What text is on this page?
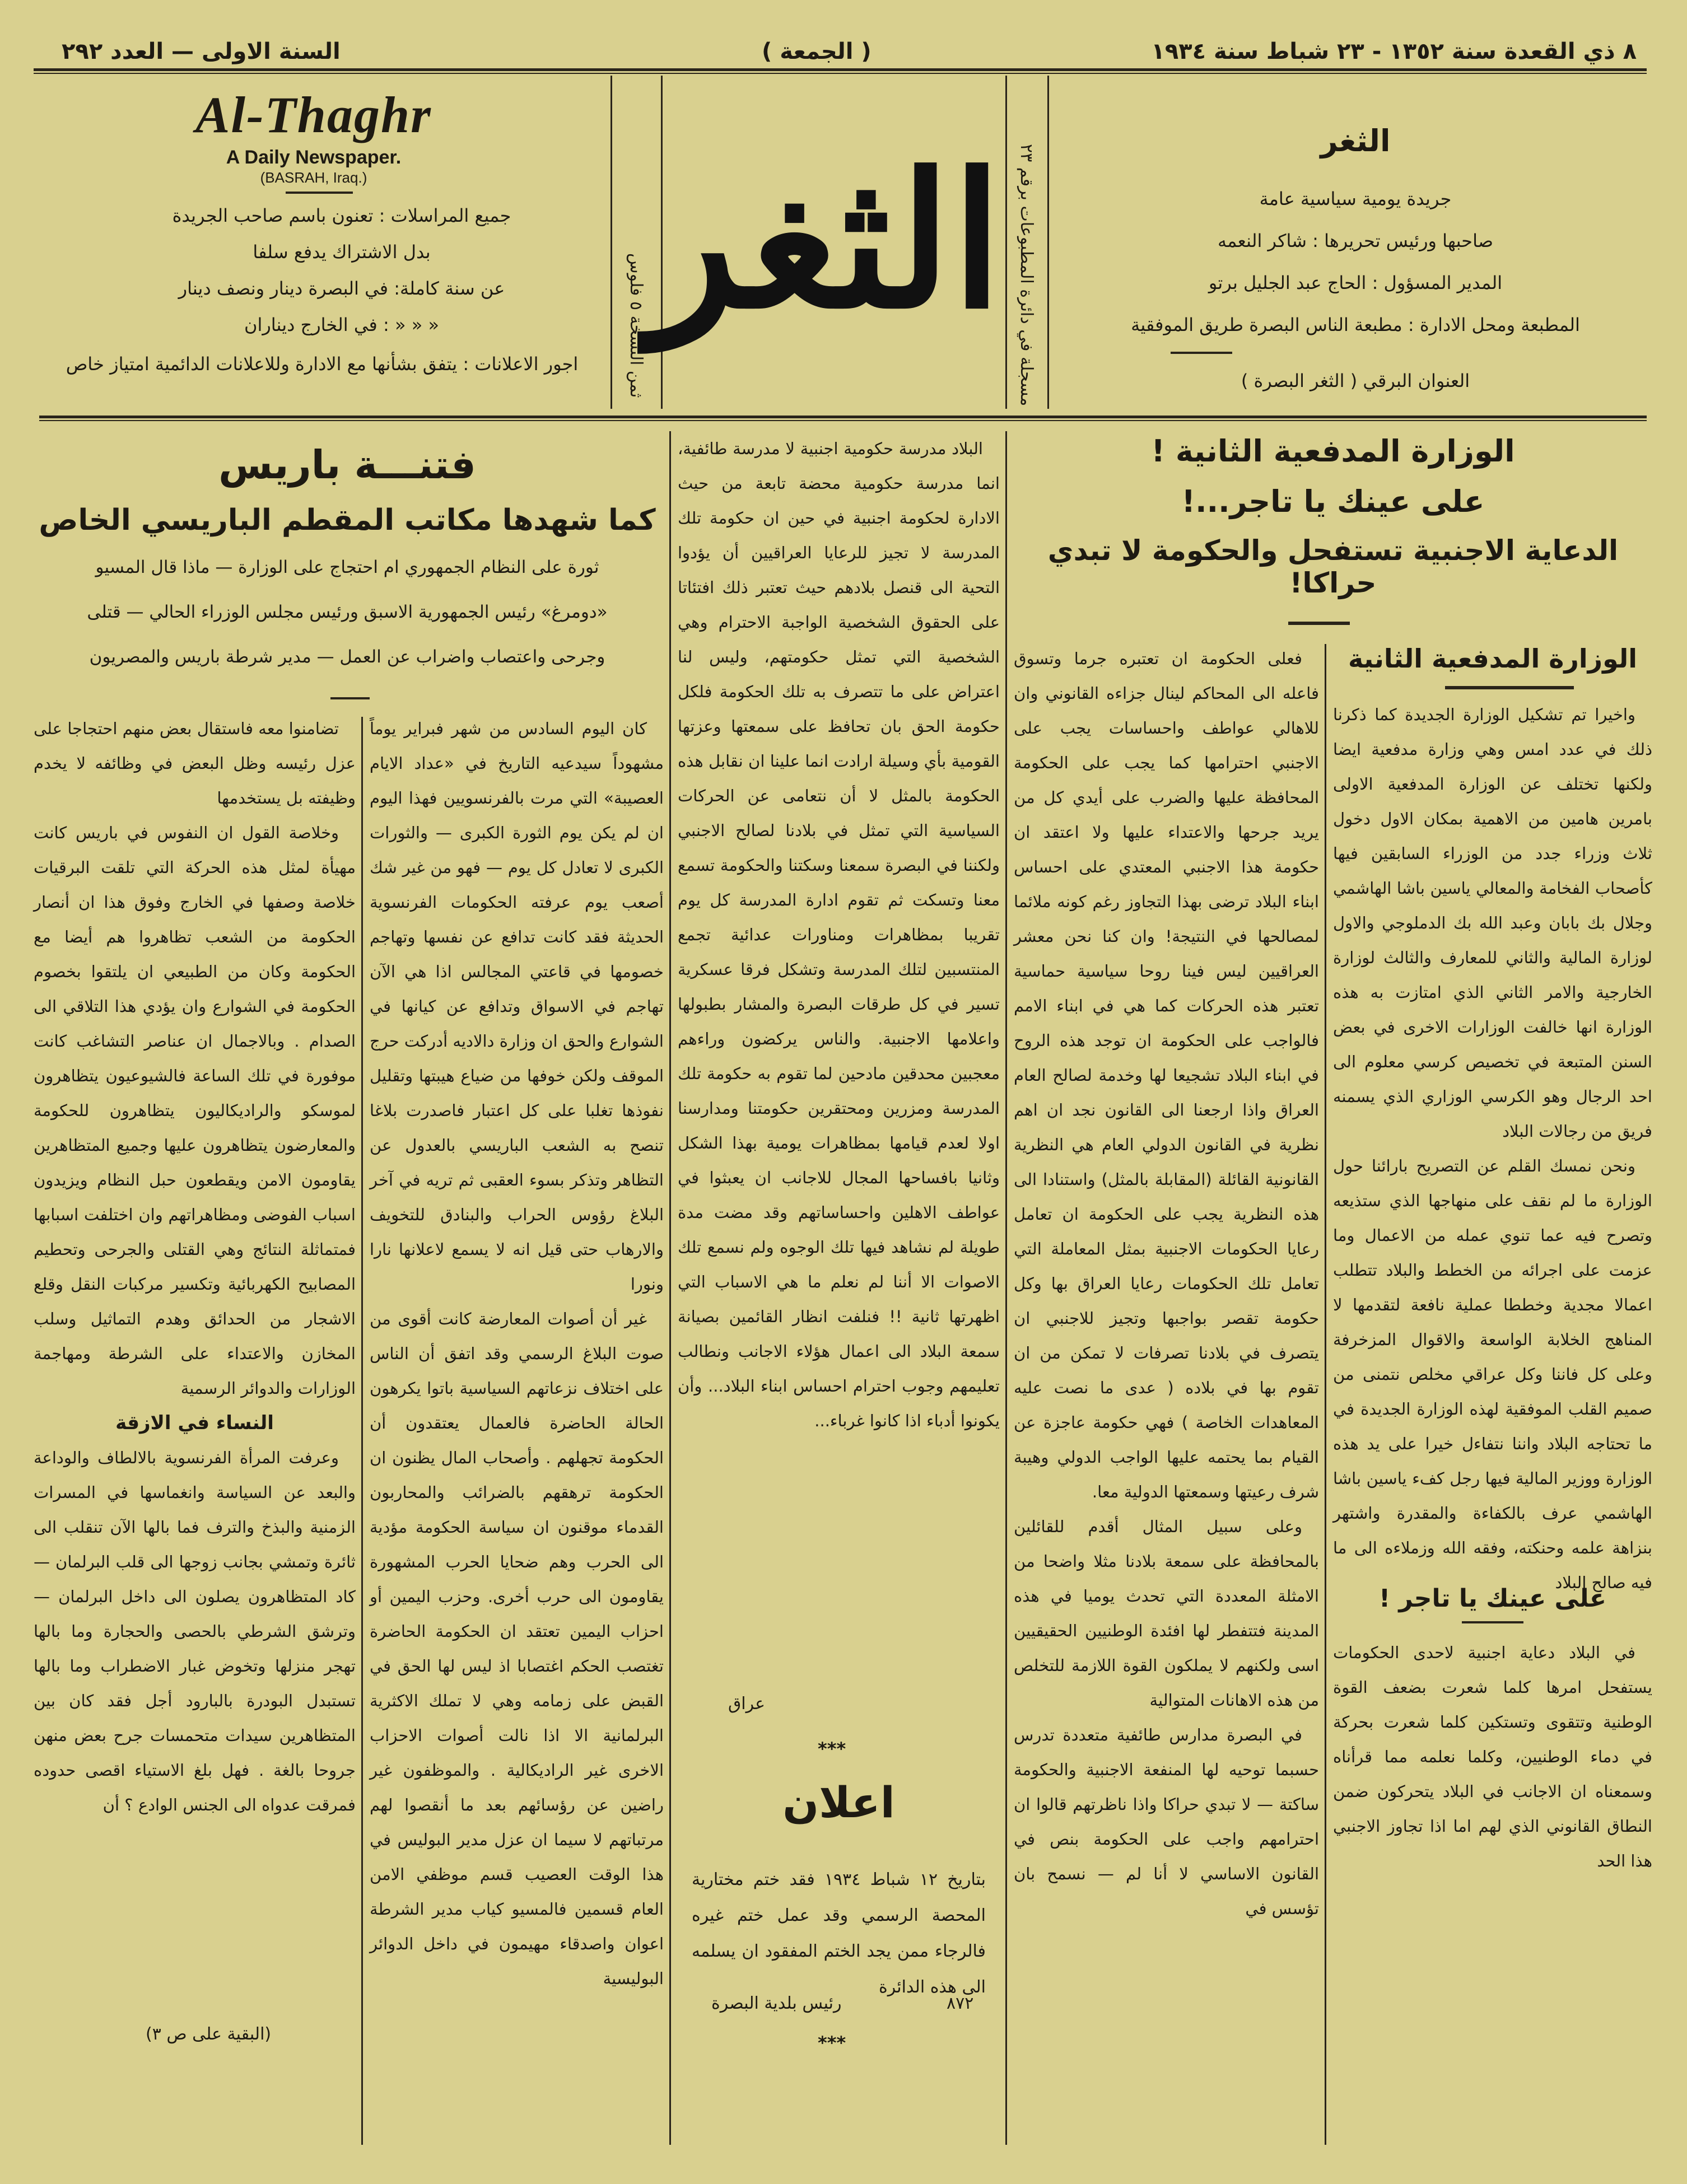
٨ ذي القعدة سنة ١٣٥٢ - ٢٣ شباط سنة ١٩٣٤
( الجمعة )
السنة الاولى — العدد ٢٩٢
Al-Thaghr
A Daily Newspaper.
(BASRAH, Iraq.)
جميع المراسلات : تعنون باسم صاحب الجريدة
بدل الاشتراك يدفع سلفا
عن سنة كاملة: في البصرة دينار ونصف دينار
« « « : في الخارج ديناران
اجور الاعلانات : يتفق بشأنها مع الادارة وللاعلانات الدائمية امتياز خاص
ثمن النسخة ٥ فلوس
الثغر مسجلة في دائرة المطبوعات برقم ٢٣
الثغر
جريدة يومية سياسية عامة
صاحبها ورئيس تحريرها : شاكر النعمه
المدير المسؤول : الحاج عبد الجليل برتو
المطبعة ومحل الادارة : مطبعة الناس البصرة طريق الموفقية
العنوان البرقي ( الثغر البصرة )
الوزارة المدفعية الثانية !
على عينك يا تاجر...!
الدعاية الاجنبية تستفحل والحكومة لا تبدي حراكا!
الوزارة المدفعية الثانية

واخيرا تم تشكيل الوزارة الجديدة كما ذكرنا ذلك في عدد امس وهي وزارة مدفعية ايضا ولكنها تختلف عن الوزارة المدفعية الاولى بامرين هامين من الاهمية بمكان الاول دخول ثلاث وزراء جدد من الوزراء السابقين فيها كأصحاب الفخامة والمعالي ياسين باشا الهاشمي وجلال بك بابان وعبد الله بك الدملوجي والاول لوزارة المالية والثاني للمعارف والثالث لوزارة الخارجية والامر الثاني الذي امتازت به هذه الوزارة انها خالفت الوزارات الاخرى في بعض السنن المتبعة في تخصيص كرسي معلوم الى احد الرجال وهو الكرسي الوزاري الذي يسمنه فريق من رجالات البلاد

ونحن نمسك القلم عن التصريح بارائنا حول الوزارة ما لم نقف على منهاجها الذي ستذيعه وتصرح فيه عما تنوي عمله من الاعمال وما عزمت على اجرائه من الخطط والبلاد تتطلب اعمالا مجدية وخططا عملية نافعة لتقدمها لا المناهج الخلابة الواسعة والاقوال المزخرفة وعلى كل فاننا وكل عراقي مخلص نتمنى من صميم القلب الموفقية لهذه الوزارة الجديدة في ما تحتاجه البلاد واننا نتفاءل خيرا على يد هذه الوزارة ووزير المالية فيها رجل كفء ياسين باشا الهاشمي عرف بالكفاءة والمقدرة واشتهر بنزاهة علمه وحنكته، وفقه الله وزملاءه الى ما فيه صالح البلاد

على عينك يا تاجر !

في البلاد دعاية اجنبية لاحدى الحكومات يستفحل امرها كلما شعرت بضعف القوة الوطنية وتتقوى وتستكين كلما شعرت بحركة في دماء الوطنيين، وكلما نعلمه مما قرأناه وسمعناه ان الاجانب في البلاد يتحركون ضمن النطاق القانوني الذي لهم اما اذا تجاوز الاجنبي هذا الحد

فعلى الحكومة ان تعتبره جرما وتسوق فاعله الى المحاكم لينال جزاءه القانوني وان للاهالي عواطف واحساسات يجب على الاجنبي احترامها كما يجب على الحكومة المحافظة عليها والضرب على أيدي كل من يريد جرحها والاعتداء عليها ولا اعتقد ان حكومة هذا الاجنبي المعتدي على احساس ابناء البلاد ترضى بهذا التجاوز رغم كونه ملائما لمصالحها في النتيجة! وان كنا نحن معشر العراقيين ليس فينا روحا سياسية حماسية تعتبر هذه الحركات كما هي في ابناء الامم فالواجب على الحكومة ان توجد هذه الروح في ابناء البلاد تشجيعا لها وخدمة لصالح العام العراق واذا ارجعنا الى القانون نجد ان اهم نظرية في القانون الدولي العام هي النظرية القانونية القائلة (المقابلة بالمثل) واستنادا الى هذه النظرية يجب على الحكومة ان تعامل رعايا الحكومات الاجنبية بمثل المعاملة التي تعامل تلك الحكومات رعايا العراق بها وكل حكومة تقصر بواجبها وتجيز للاجنبي ان يتصرف في بلادنا تصرفات لا تمكن من ان تقوم بها في بلاده ( عدى ما نصت عليه المعاهدات الخاصة ) فهي حكومة عاجزة عن القيام بما يحتمه عليها الواجب الدولي وهيبة شرف رعيتها وسمعتها الدولية معا.

وعلى سبيل المثال أقدم للقائلين بالمحافظة على سمعة بلادنا مثلا واضحا من الامثلة المعددة التي تحدث يوميا في هذه المدينة فتتفطر لها افئدة الوطنيين الحقيقيين اسى ولكنهم لا يملكون القوة اللازمة للتخلص من هذه الاهانات المتوالية

في البصرة مدارس طائفية متعددة تدرس حسبما توحيه لها المنفعة الاجنبية والحكومة ساكتة — لا تبدي حراكا واذا ناظرتهم قالوا ان احترامهم واجب على الحكومة بنص في القانون الاساسي لا أنا لم — نسمح بان تؤسس في

البلاد مدرسة حكومية اجنبية لا مدرسة طائفية، انما مدرسة حكومية محضة تابعة من حيث الادارة لحكومة اجنبية في حين ان حكومة تلك المدرسة لا تجيز للرعايا العراقيين أن يؤدوا التحية الى قنصل بلادهم حيث تعتبر ذلك افتئاتا على الحقوق الشخصية الواجبة الاحترام وهي الشخصية التي تمثل حكومتهم، وليس لنا اعتراض على ما تتصرف به تلك الحكومة فلكل حكومة الحق بان تحافظ على سمعتها وعزتها القومية بأي وسيلة ارادت انما علينا ان نقابل هذه الحكومة بالمثل لا أن نتعامى عن الحركات السياسية التي تمثل في بلادنا لصالح الاجنبي ولكننا في البصرة سمعنا وسكتنا والحكومة تسمع معنا وتسكت ثم تقوم ادارة المدرسة كل يوم تقريبا بمظاهرات ومناورات عدائية تجمع المنتسبين لتلك المدرسة وتشكل فرقا عسكرية تسير في كل طرقات البصرة والمشار بطبولها واعلامها الاجنبية. والناس يركضون وراءهم معجبين محدقين مادحين لما تقوم به حكومة تلك المدرسة ومزرين ومحتقرين حكومتنا ومدارسنا اولا لعدم قيامها بمظاهرات يومية بهذا الشكل وثانيا بافساحها المجال للاجانب ان يعبثوا في عواطف الاهلين واحساساتهم وقد مضت مدة طويلة لم نشاهد فيها تلك الوجوه ولم نسمع تلك الاصوات الا أننا لم نعلم ما هي الاسباب التي اظهرتها ثانية !! فنلفت انظار القائمين بصيانة سمعة البلاد الى اعمال هؤلاء الاجانب ونطالب تعليمهم وجوب احترام احساس ابناء البلاد... وأن يكونوا أدباء اذا كانوا غرباء...

عراق
***
اعلان

بتاريخ ١٢ شباط ١٩٣٤ فقد ختم مختارية المحصة الرسمي وقد عمل ختم غيره فالرجاء ممن يجد الختم المفقود ان يسلمه الى هذه الدائرة

رئيس بلدية البصرة	٨٧٢
***
فتنـــة باريس
كما شهدها مكاتب المقطم الباريسي الخاص
ثورة على النظام الجمهوري ام احتجاج على الوزارة — ماذا قال المسيو
«دومرغ» رئيس الجمهورية الاسبق ورئيس مجلس الوزراء الحالي — قتلى
وجرحى واعتصاب واضراب عن العمل — مدير شرطة باريس والمصريون

كان اليوم السادس من شهر فبراير يوماً مشهوداً سيدعيه التاريخ في «عداد الايام العصيبة» التي مرت بالفرنسويين فهذا اليوم ان لم يكن يوم الثورة الكبرى — والثورات الكبرى لا تعادل كل يوم — فهو من غير شك أصعب يوم عرفته الحكومات الفرنسوية الحديثة فقد كانت تدافع عن نفسها وتهاجم خصومها في قاعتي المجالس اذا هي الآن تهاجم في الاسواق وتدافع عن كيانها في الشوارع والحق ان وزارة دالاديه أدركت حرج الموقف ولكن خوفها من ضياع هيبتها وتقليل نفوذها تغلبا على كل اعتبار فاصدرت بلاغا تنصح به الشعب الباريسي بالعدول عن التظاهر وتذكر بسوء العقبى ثم تريه في آخر البلاغ رؤوس الحراب والبنادق للتخويف والارهاب حتى قيل انه لا يسمع لاعلانها نارا ونورا

غير أن أصوات المعارضة كانت أقوى من صوت البلاغ الرسمي وقد اتفق أن الناس على اختلاف نزعاتهم السياسية باتوا يكرهون الحالة الحاضرة فالعمال يعتقدون أن الحكومة تجهلهم . وأصحاب المال يظنون ان الحكومة ترهقهم بالضرائب والمحاربون القدماء موقنون ان سياسة الحكومة مؤدية الى الحرب وهم ضحايا الحرب المشهورة يقاومون الى حرب أخرى. وحزب اليمين أو احزاب اليمين تعتقد ان الحكومة الحاضرة تغتصب الحكم اغتصابا اذ ليس لها الحق في القبض على زمامه وهي لا تملك الاكثرية البرلمانية الا اذا نالت أصوات الاحزاب الاخرى غير الراديكالية . والموظفون غير راضين عن رؤسائهم بعد ما أنقصوا لهم مرتباتهم لا سيما ان عزل مدير البوليس في هذا الوقت العصيب قسم موظفي الامن العام قسمين فالمسيو كياب مدير الشرطة اعوان واصدقاء مهيمون في داخل الدوائر البوليسية

تضامنوا معه فاستقال بعض منهم احتجاجا على عزل رئيسه وظل البعض في وظائفه لا يخدم وظيفته بل يستخدمها

وخلاصة القول ان النفوس في باريس كانت مهيأة لمثل هذه الحركة التي تلقت البرقيات خلاصة وصفها في الخارج وفوق هذا ان أنصار الحكومة من الشعب تظاهروا هم أيضا مع الحكومة وكان من الطبيعي ان يلتقوا بخصوم الحكومة في الشوارع وان يؤدي هذا التلاقي الى الصدام . وبالاجمال ان عناصر التشاغب كانت موفورة في تلك الساعة فالشيوعيون يتظاهرون لموسكو والراديكاليون يتظاهرون للحكومة والمعارضون يتظاهرون عليها وجميع المتظاهرين يقاومون الامن ويقطعون حبل النظام ويزيدون اسباب الفوضى ومظاهراتهم وان اختلفت اسبابها فمتماثلة النتائج وهي القتلى والجرحى وتحطيم المصابيح الكهربائية وتكسير مركبات النقل وقلع الاشجار من الحدائق وهدم التماثيل وسلب المخازن والاعتداء على الشرطة ومهاجمة الوزارات والدوائر الرسمية

النساء في الازقة

وعرفت المرأة الفرنسوية بالالطاف والوداعة والبعد عن السياسة وانغماسها في المسرات الزمنية والبذخ والترف فما بالها الآن تنقلب الى ثائرة وتمشي بجانب زوجها الى قلب البرلمان — كاد المتظاهرون يصلون الى داخل البرلمان — وترشق الشرطي بالحصى والحجارة وما بالها تهجر منزلها وتخوض غبار الاضطراب وما بالها تستبدل البودرة بالبارود أجل فقد كان بين المتظاهرين سيدات متحمسات جرح بعض منهن جروحا بالغة . فهل بلغ الاستياء اقصى حدوده فمرقت عدواه الى الجنس الوادع ؟ أن

(البقية على ص ٣)
